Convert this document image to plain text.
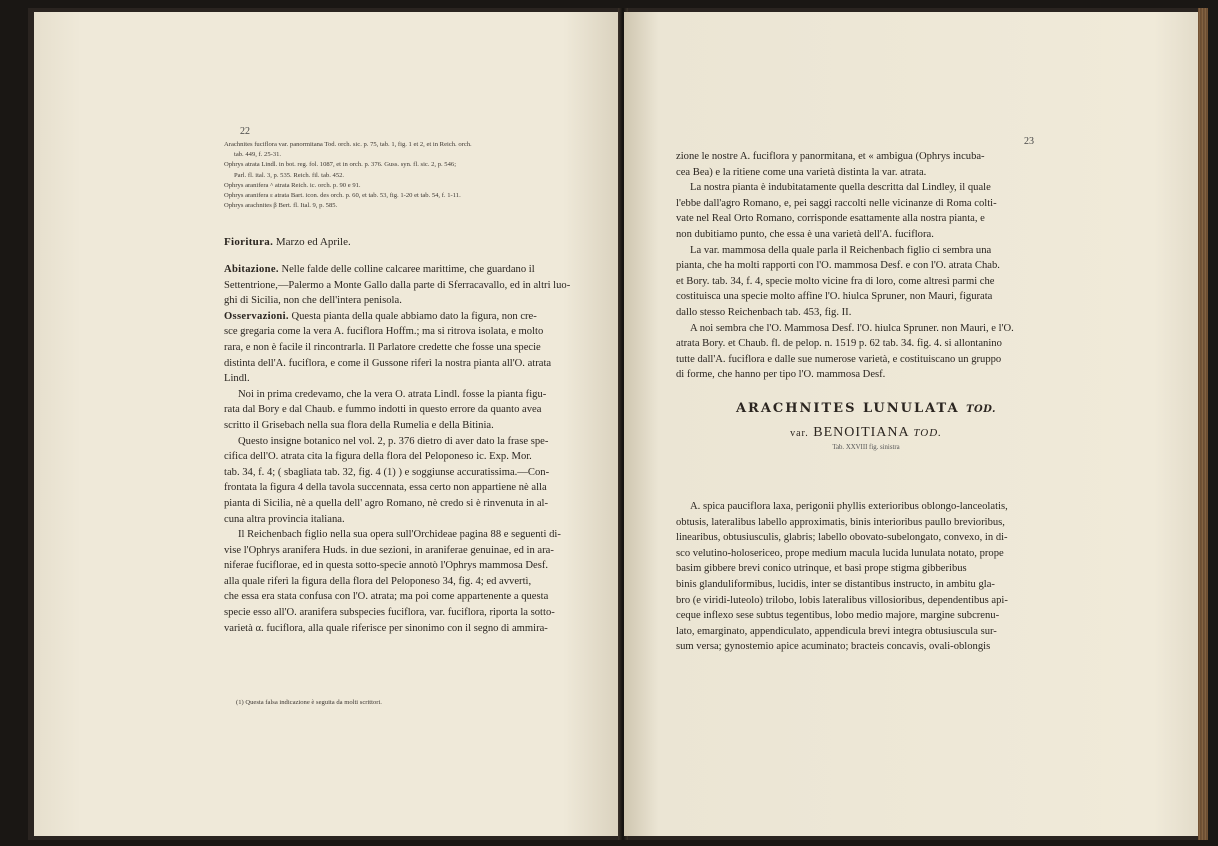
22
Arachnites fuciflora var. panormitana Tod. orch. sic. p. 75, tab. 1, fig. 1 et 2, et in Reich. orch.
tab. 449, f. 25-31.
Ophrys atrata Lindl. in bot. reg. fol. 1087, et in orch. p. 376. Guss. syn. fl. sic. 2, p. 546;
Parl. fl. ital. 3, p. 535. Reich. fil. tab. 452.
Ophrys aranifera ^ atrata Reich. ic. orch. p. 90 e 91.
Ophrys aranifera ε atrata Bart. icon. des orch. p. 60, et tab. 53, fig. 1-20 et tab. 54, f. 1-11.
Ophrys arachnites β Bert. fl. Ital. 9, p. 585.
Fioritura. Marzo ed Aprile.
Abitazione. Nelle falde delle colline calcaree marittime, che guardano il
Settentrione,—Palermo a Monte Gallo dalla parte di Sferracavallo, ed in altri luo-
ghi di Sicilia, non che dell'intera penisola.
Osservazioni. Questa pianta della quale abbiamo dato la figura, non cre-
sce gregaria come la vera A. fuciflora Hoffm.; ma si ritrova isolata, e molto
rara, e non è facile il rincontrarla. Il Parlatore credette che fosse una specie
distinta dell'A. fuciflora, e come il Gussone riferì la nostra pianta all'O. atrata
Lindl.
Noi in prima credevamo, che la vera O. atrata Lindl. fosse la pianta figu-
rata dal Bory e dal Chaub. e fummo indotti in questo errore da quanto avea
scritto il Grisebach nella sua flora della Rumelia e della Bitinia.
Questo insigne botanico nel vol. 2, p. 376 dietro di aver dato la frase spe-
cifica dell'O. atrata cita la figura della flora del Peloponeso ic. Exp. Mor.
tab. 34, f. 4; ( sbagliata tab. 32, fig. 4 (1) ) e soggiunse accuratissima.—Con-
frontata la figura 4 della tavola succennata, essa certo non appartiene nè alla
pianta di Sicilia, nè a quella dell' agro Romano, nè credo si è rinvenuta in al-
cuna altra provincia italiana.
Il Reichenbach figlio nella sua opera sull'Orchideae pagina 88 e seguenti di-
vise l'Ophrys aranifera Huds. in due sezioni, in araniferae genuinae, ed in ara-
niferae fuciflorae, ed in questa sotto-specie annotò l'Ophrys mammosa Desf.
alla quale riferì la figura della flora del Peloponeso 34, fig. 4; ed avvertì,
che essa era stata confusa con l'O. atrata; ma poi come appartenente a questa
specie esso all'O. aranifera subspecies fuciflora, var. fuciflora, riporta la sotto-
varietà α. fuciflora, alla quale riferisce per sinonimo con il segno di ammira-
(1) Questa falsa indicazione è seguita da molti scrittori.
23
zione le nostre A. fuciflora y panormitana, et « ambigua (Ophrys incuba-
cea Bea) e la ritiene come una varietà distinta la var. atrata.
La nostra pianta è indubitatamente quella descritta dal Lindley, il quale
l'ebbe dall'agro Romano, e, pei saggi raccolti nelle vicinanze di Roma colti-
vate nel Real Orto Romano, corrisponde esattamente alla nostra pianta, e
non dubitiamo punto, che essa è una varietà dell'A. fuciflora.
La var. mammosa della quale parla il Reichenbach figlio ci sembra una
pianta, che ha molti rapporti con l'O. mammosa Desf. e con l'O. atrata Chab.
et Bory. tab. 34, f. 4, specie molto vicine fra di loro, come altresì parmi che
costituisca una specie molto affine l'O. hiulca Spruner, non Mauri, figurata
dallo stesso Reichenbach tab. 453, fig. II.
A noi sembra che l'O. Mammosa Desf. l'O. hiulca Spruner. non Mauri, e l'O.
atrata Bory. et Chaub. fl. de pelop. n. 1519 p. 62 tab. 34. fig. 4. si allontanino
tutte dall'A. fuciflora e dalle sue numerose varietà, e costituiscano un gruppo
di forme, che hanno per tipo l'O. mammosa Desf.
ARACHNITES LUNULATA TOD.
var. BENOITIANA TOD.
Tab. XXVIII fig. sinistra
A. spica pauciflora laxa, perigonii phyllis exterioribus oblongo-lanceolatis,
obtusis, lateralibus labello approximatis, binis interioribus paullo brevioribus,
linearibus, obtusiusculis, glabris; labello obovato-subelongato, convexo, in di-
sco velutino-holosericeo, prope medium macula lucida lunulata notato, prope
basim gibbere brevi conico utrinque, et basi prope stigma gibberibus
binis glanduliformibus, lucidis, inter se distantibus instructo, in ambitu gla-
bro (e viridi-luteolo) trilobo, lobis lateralibus villosioribus, dependentibus api-
ceque inflexo sese subtus tegentibus, lobo medio majore, margine subcrenu-
lato, emarginato, appendiculato, appendicula brevi integra obtusiuscula sur-
sum versa; gynostemio apice acuminato; bracteis concavis, ovali-oblongis
